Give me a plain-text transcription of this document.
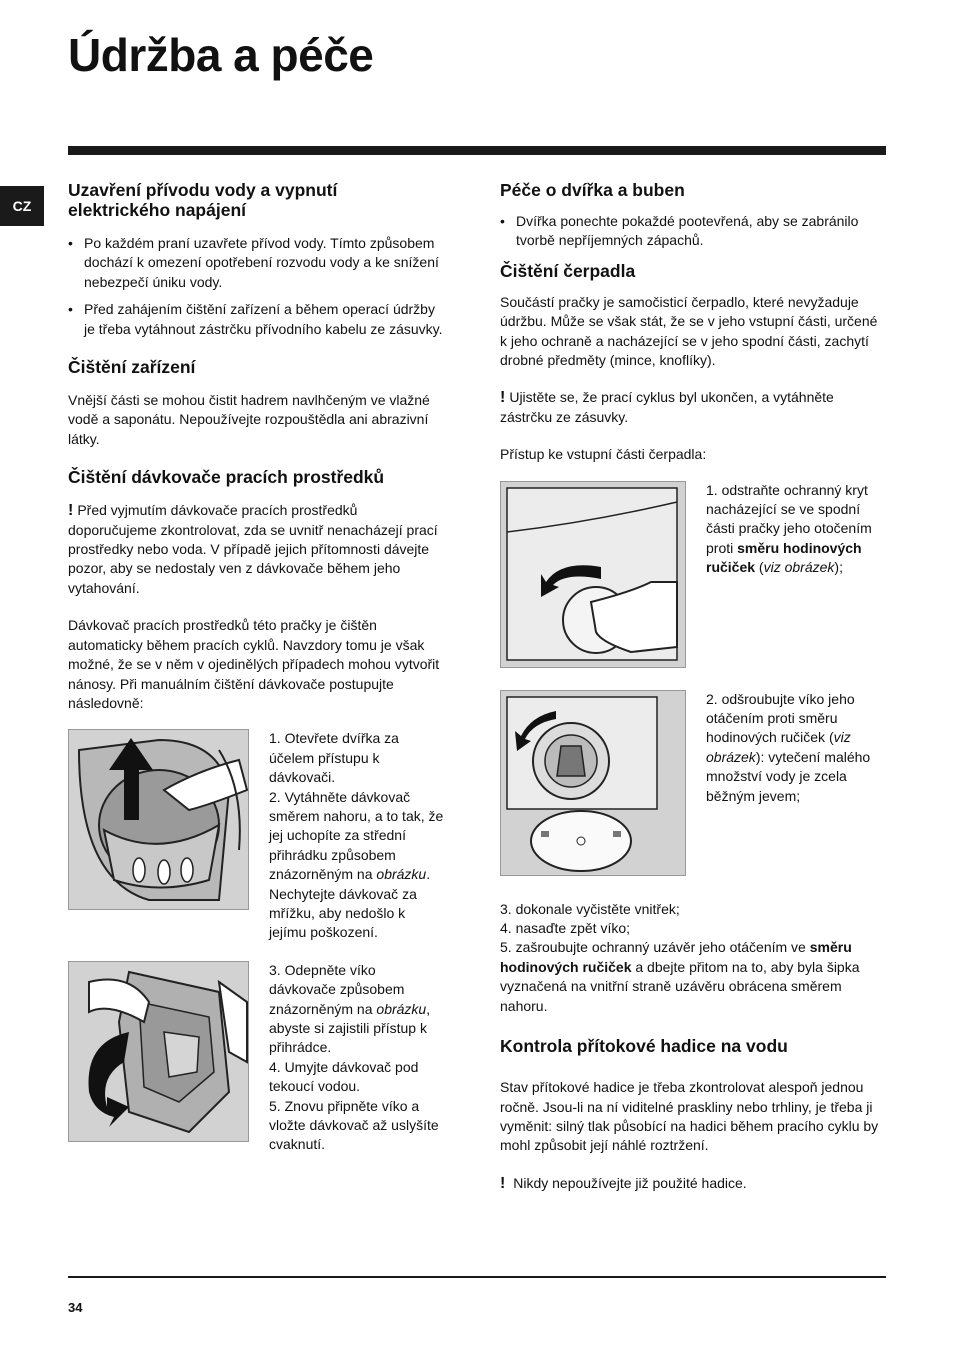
Údržba a péče
CZ
Uzavření přívodu vody a vypnutí elektrického napájení
• Po každém praní uzavřete přívod vody. Tímto způsobem dochází k omezení opotřebení rozvodu vody a ke snížení nebezpečí úniku vody.
• Před zahájením čištění zařízení a během operací údržby je třeba vytáhnout zástrčku přívodního kabelu ze zásuvky.
Čištění zařízení

Vnější části se mohou čistit hadrem navlhčeným ve vlažné vodě a saponátu. Nepoužívejte rozpouštědla ani abrazivní látky.

Čištění dávkovače pracích prostředků

! Před vyjmutím dávkovače pracích prostředků doporučujeme zkontrolovat, zda se uvnitř nenacházejí prací prostředky nebo voda. V případě jejich přítomnosti dávejte pozor, aby se nedostaly ven z dávkovače během jeho vytahování.

Dávkovač pracích prostředků této pračky je čištěn automaticky během pracích cyklů. Navzdory tomu je však možné, že se v něm v ojedinělých případech mohou vytvořit nánosy. Při manuálním čištění dávkovače postupujte následovně:

1. Otevřete dvířka za účelem přístupu k dávkovači.
2. Vytáhněte dávkovač směrem nahoru, a to tak, že jej uchopíte za střední přihrádku způsobem znázorněným na obrázku. Nechytejte dávkovač za mřížku, aby nedošlo k jejímu poškození.
3. Odepněte víko dávkovače způsobem znázorněným na obrázku, abyste si zajistili přístup k přihrádce.
4. Umyjte dávkovač pod tekoucí vodou.
5. Znovu připněte víko a vložte dávkovač až uslyšíte cvaknutí.
Péče o dvířka a buben
• Dvířka ponechte pokaždé pootevřená, aby se zabránilo tvorbě nepříjemných zápachů.
Čištění čerpadla

Součástí pračky je samočisticí čerpadlo, které nevyžaduje údržbu. Může se však stát, že se v jeho vstupní části, určené k jeho ochraně a nacházející se v jeho spodní části, zachytí drobné předměty (mince, knoflíky).

! Ujistěte se, že prací cyklus byl ukončen, a vytáhněte zástrčku ze zásuvky.

Přístup ke vstupní části čerpadla:

1. odstraňte ochranný kryt nacházející se ve spodní části pračky jeho otočením proti směru hodinových ručiček (viz obrázek);
2. odšroubujte víko jeho otáčením proti směru hodinových ručiček (viz obrázek): vytečení malého množství vody je zcela běžným jevem;
3. dokonale vyčistěte vnitřek;
4. nasaďte zpět víko;
5. zašroubujte ochranný uzávěr jeho otáčením ve směru hodinových ručiček a dbejte přitom na to, aby byla šipka vyznačená na vnitřní straně uzávěru obrácena směrem nahoru.
Kontrola přítokové hadice na vodu

Stav přítokové hadice je třeba zkontrolovat alespoň jednou ročně. Jsou-li na ní viditelné praskliny nebo trhliny, je třeba ji vyměnit: silný tlak působící na hadici během pracího cyklu by mohl způsobit její náhlé roztržení.

! Nikdy nepoužívejte již použité hadice.

34
